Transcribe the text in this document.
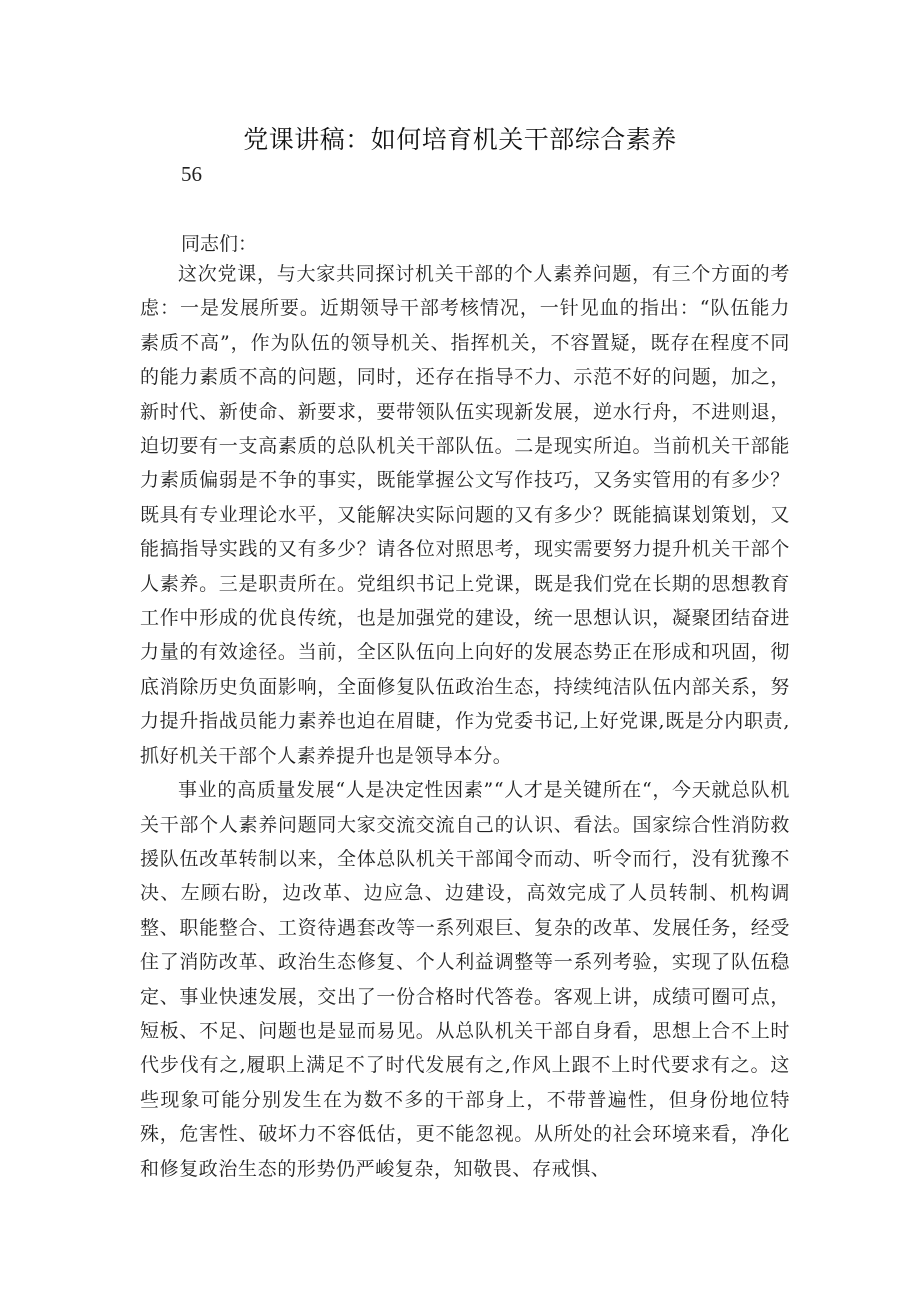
党课讲稿：如何培育机关干部综合素养
56
同志们：

这次党课，与大家共同探讨机关干部的个人素养问题，有三个方面的考虑：一是发展所要。近期领导干部考核情况，一针见血的指出：“队伍能力素质不高”，作为队伍的领导机关、指挥机关，不容置疑，既存在程度不同的能力素质不高的问题，同时，还存在指导不力、示范不好的问题，加之，新时代、新使命、新要求，要带领队伍实现新发展，逆水行舟，不进则退，迫切要有一支高素质的总队机关干部队伍。二是现实所迫。当前机关干部能力素质偏弱是不争的事实，既能掌握公文写作技巧，又务实管用的有多少？既具有专业理论水平，又能解决实际问题的又有多少？既能搞谋划策划，又能搞指导实践的又有多少？请各位对照思考，现实需要努力提升机关干部个人素养。三是职责所在。党组织书记上党课，既是我们党在长期的思想教育工作中形成的优良传统，也是加强党的建设，统一思想认识，凝聚团结奋进力量的有效途径。当前，全区队伍向上向好的发展态势正在形成和巩固，彻底消除历史负面影响，全面修复队伍政治生态，持续纯洁队伍内部关系，努力提升指战员能力素养也迫在眉睫，作为党委书记,上好党课,既是分内职责,抓好机关干部个人素养提升也是领导本分。

事业的高质量发展“人是决定性因素”“人才是关键所在“，今天就总队机关干部个人素养问题同大家交流交流自己的认识、看法。国家综合性消防救援队伍改革转制以来，全体总队机关干部闻令而动、听令而行，没有犹豫不决、左顾右盼，边改革、边应急、边建设，高效完成了人员转制、机构调整、职能整合、工资待遇套改等一系列艰巨、复杂的改革、发展任务，经受住了消防改革、政治生态修复、个人利益调整等一系列考验，实现了队伍稳定、事业快速发展，交出了一份合格时代答卷。客观上讲，成绩可圈可点，短板、不足、问题也是显而易见。从总队机关干部自身看，思想上合不上时代步伐有之,履职上满足不了时代发展有之,作风上跟不上时代要求有之。这些现象可能分别发生在为数不多的干部身上，不带普遍性，但身份地位特殊，危害性、破坏力不容低估，更不能忽视。从所处的社会环境来看，净化和修复政治生态的形势仍严峻复杂，知敬畏、存戒惧、
